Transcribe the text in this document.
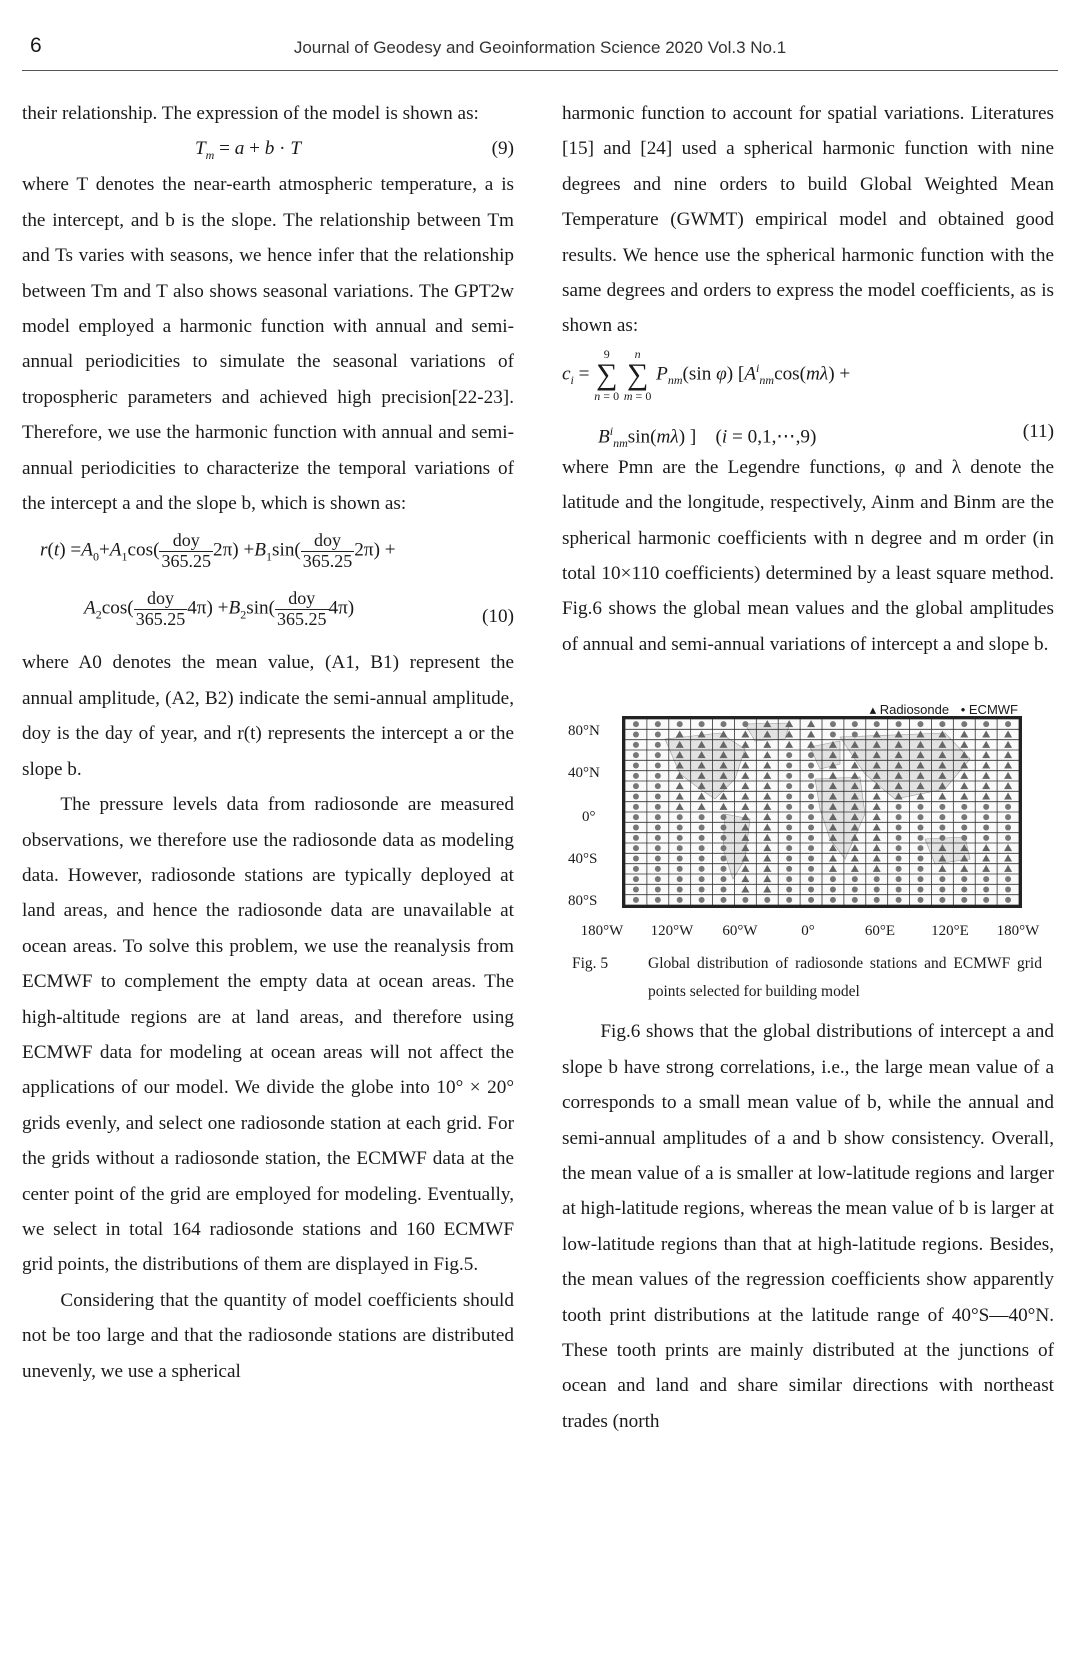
6	Journal of Geodesy and Geoinformation Science 2020 Vol.3 No.1

their relationship. The expression of the model is shown as:

$T_m = a + b \cdot T$	(9)

where T denotes the near-earth atmospheric temperature, a is the intercept, and b is the slope. The relationship between Tm and Ts varies with seasons, we hence infer that the relationship between Tm and T also shows seasonal variations. The GPT2w model employed a harmonic function with annual and semi-annual periodicities to simulate the seasonal variations of tropospheric parameters and achieved high precision[22-23]. Therefore, we use the harmonic function with annual and semi-annual periodicities to characterize the temporal variations of the intercept a and the slope b, which is shown as:

$r(t) =A_0+A_1\cos( \frac{\text{doy}}{365.25} 2\pi) +B_1\sin( \frac{\text{doy}}{365.25} 2\pi)$ +
$A_2\cos( \frac{\text{doy}}{365.25} 4\pi) +B_2\sin( \frac{\text{doy}}{365.25} 4\pi)$	(10)

where A0 denotes the mean value, (A1, B1) represent the annual amplitude, (A2, B2) indicate the semi-annual amplitude, doy is the day of year, and r(t) represents the intercept a or the slope b.

The pressure levels data from radiosonde are measured observations, we therefore use the radiosonde data as modeling data. However, radiosonde stations are typically deployed at land areas, and hence the radiosonde data are unavailable at ocean areas. To solve this problem, we use the reanalysis from ECMWF to complement the empty data at ocean areas. The high-altitude regions are at land areas, and therefore using ECMWF data for modeling at ocean areas will not affect the applications of our model. We divide the globe into 10° × 20° grids evenly, and select one radiosonde station at each grid. For the grids without a radiosonde station, the ECMWF data at the center point of the grid are employed for modeling. Eventually, we select in total 164 radiosonde stations and 160 ECMWF grid points, the distributions of them are displayed in Fig.5.

Considering that the quantity of model coefficients should not be too large and that the radiosonde stations are distributed unevenly, we use a spherical

harmonic function to account for spatial variations. Literatures [15] and [24] used a spherical harmonic function with nine degrees and nine orders to build Global Weighted Mean Temperature (GWMT) empirical model and obtained good results. We hence use the spherical harmonic function with the same degrees and orders to express the model coefficients, as is shown as:

$c_i = 9$
∑
n = 0 n
∑
m = 0 $P_{nm}(\sin$ φ) [$A^i_{nm}\cos(m\lambda)$ +
$B^i_{nm}\sin(m\lambda)$ ]    (i = 0,1,⋯,9)	(11)

where Pmn are the Legendre functions, φ and λ denote the latitude and the longitude, respectively, Ainm and Binm are the spherical harmonic coefficients with n degree and m order (in total 10×110 coefficients) determined by a least square method. Fig.6 shows the global mean values and the global amplitudes of annual and semi-annual variations of intercept a and slope b.

▴ Radiosonde • ECMWF
80°N
40°N
0°
40°S
80°S
180°W 120°W 60°W	0°	60°E 120°E 180°W
Fig. 5	Global distribution of radiosonde stations and ECMWF grid points selected for building model

Fig.6 shows that the global distributions of intercept a and slope b have strong correlations, i.e., the large mean value of a corresponds to a small mean value of b, while the annual and semi-annual amplitudes of a and b show consistency. Overall, the mean value of a is smaller at low-latitude regions and larger at high-latitude regions, whereas the mean value of b is larger at low-latitude regions than that at high-latitude regions. Besides, the mean values of the regression coefficients show apparently tooth print distributions at the latitude range of 40°S—40°N. These tooth prints are mainly distributed at the junctions of ocean and land and share similar directions with northeast trades (north
